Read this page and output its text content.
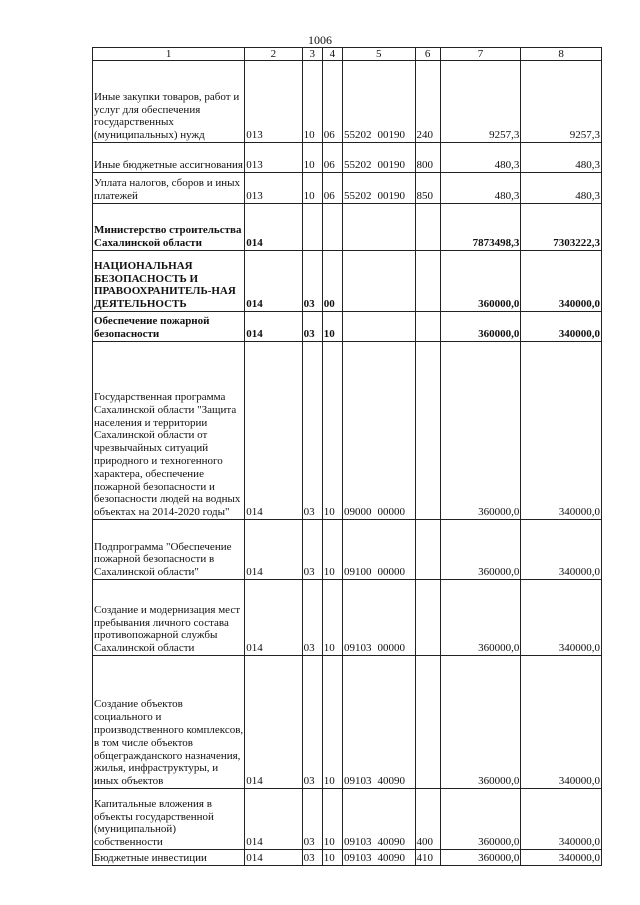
1006
1	2	3	4	5	6	7	8
Иные закупки товаров, работ и услуг для обеспечения государственных (муниципальных) нужд	013	10	06	55202 00190	240	9257,3	9257,3
Иные бюджетные ассигнования	013	10	06	55202 00190	800	480,3	480,3
Уплата налогов, сборов и иных платежей	013	10	06	55202 00190	850	480,3	480,3
Министерство строительства Сахалинской области	014					7873498,3	7303222,3
НАЦИОНАЛЬНАЯ БЕЗОПАСНОСТЬ И ПРАВООХРАНИТЕЛЬ-НАЯ ДЕЯТЕЛЬНОСТЬ	014	03	00			360000,0	340000,0
Обеспечение пожарной безопасности	014	03	10			360000,0	340000,0
Государственная программа Сахалинской области "Защита населения и территории Сахалинской области от чрезвычайных ситуаций природного и техногенного характера, обеспечение пожарной безопасности и безопасности людей на водных объектах на 2014-2020 годы"	014	03	10	09000 00000		360000,0	340000,0
Подпрограмма "Обеспечение пожарной безопасности в Сахалинской области"	014	03	10	09100 00000		360000,0	340000,0
Создание и модернизация мест пребывания личного состава противопожарной службы Сахалинской области	014	03	10	09103 00000		360000,0	340000,0
Создание объектов социального и производственного комплексов, в том числе объектов общегражданского назначения, жилья, инфраструктуры, и иных объектов	014	03	10	09103 40090		360000,0	340000,0
Капитальные вложения в объекты государственной (муниципальной) собственности	014	03	10	09103 40090	400	360000,0	340000,0
Бюджетные инвестиции	014	03	10	09103 40090	410	360000,0	340000,0
